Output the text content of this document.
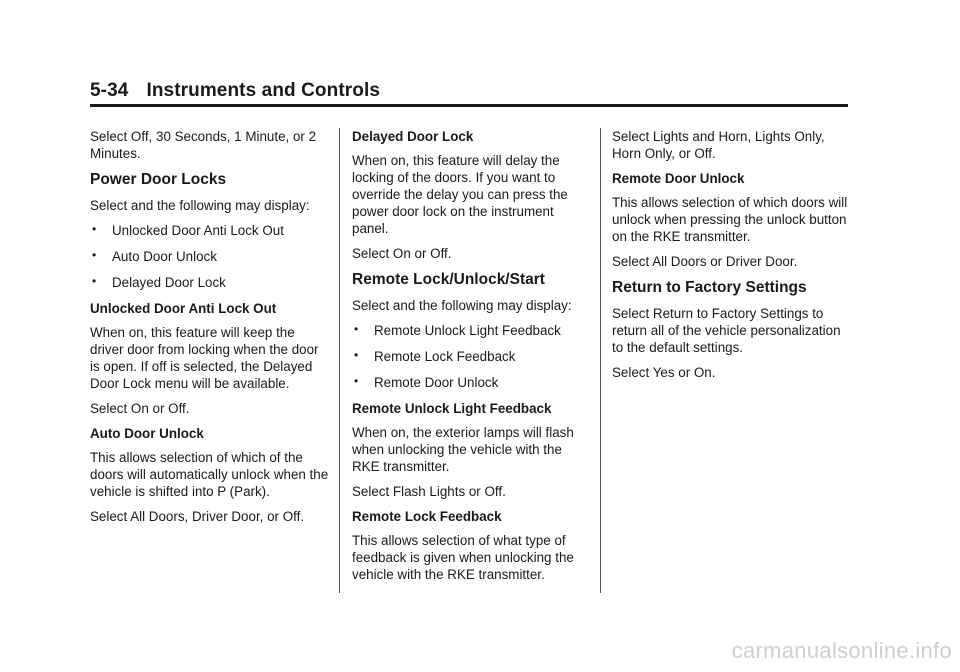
5-34 Instruments and Controls

Select Off, 30 Seconds, 1 Minute, or 2 Minutes.

Power Door Locks

Select and the following may display:

• Unlocked Door Anti Lock Out
• Auto Door Unlock
• Delayed Door Lock

Unlocked Door Anti Lock Out

When on, this feature will keep the driver door from locking when the door is open. If off is selected, the Delayed Door Lock menu will be available.

Select On or Off.

Auto Door Unlock

This allows selection of which of the doors will automatically unlock when the vehicle is shifted into P (Park).

Select All Doors, Driver Door, or Off.

Delayed Door Lock

When on, this feature will delay the locking of the doors. If you want to override the delay you can press the power door lock on the instrument panel.

Select On or Off.

Remote Lock/Unlock/Start

Select and the following may display:

• Remote Unlock Light Feedback
• Remote Lock Feedback
• Remote Door Unlock

Remote Unlock Light Feedback

When on, the exterior lamps will flash when unlocking the vehicle with the RKE transmitter.

Select Flash Lights or Off.

Remote Lock Feedback

This allows selection of what type of feedback is given when unlocking the vehicle with the RKE transmitter.

Select Lights and Horn, Lights Only, Horn Only, or Off.

Remote Door Unlock

This allows selection of which doors will unlock when pressing the unlock button on the RKE transmitter.

Select All Doors or Driver Door.

Return to Factory Settings

Select Return to Factory Settings to return all of the vehicle personalization to the default settings.

Select Yes or On.

carmanualsonline.info
